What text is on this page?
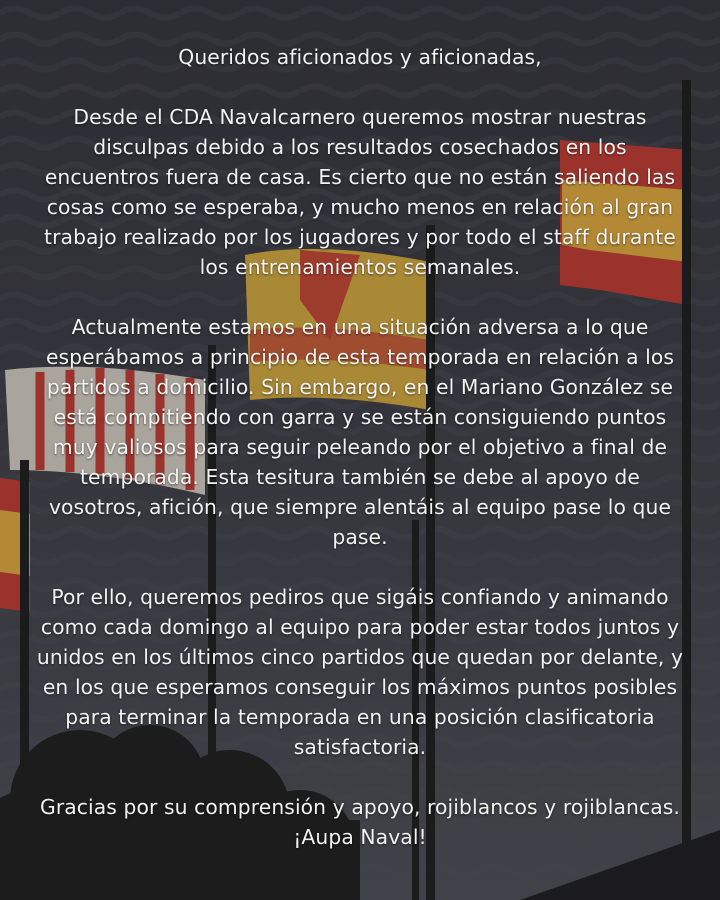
Queridos aficionados y aficionadas,

Desde el CDA Navalcarnero queremos mostrar nuestras disculpas debido a los resultados cosechados en los encuentros fuera de casa. Es cierto que no están saliendo las cosas como se esperaba, y mucho menos en relación al gran trabajo realizado por los jugadores y por todo el staff durante los entrenamientos semanales.

Actualmente estamos en una situación adversa a lo que esperábamos a principio de esta temporada en relación a los partidos a domicilio. Sin embargo, en el Mariano González se está compitiendo con garra y se están consiguiendo puntos muy valiosos para seguir peleando por el objetivo a final de temporada. Esta tesitura también se debe al apoyo de vosotros, afición, que siempre alentáis al equipo pase lo que pase.

Por ello, queremos pediros que sigáis confiando y animando como cada domingo al equipo para poder estar todos juntos y unidos en los últimos cinco partidos que quedan por delante, y en los que esperamos conseguir los máximos puntos posibles para terminar la temporada en una posición clasificatoria satisfactoria.

Gracias por su comprensión y apoyo, rojiblancos y rojiblancas. ¡Aupa Naval!
